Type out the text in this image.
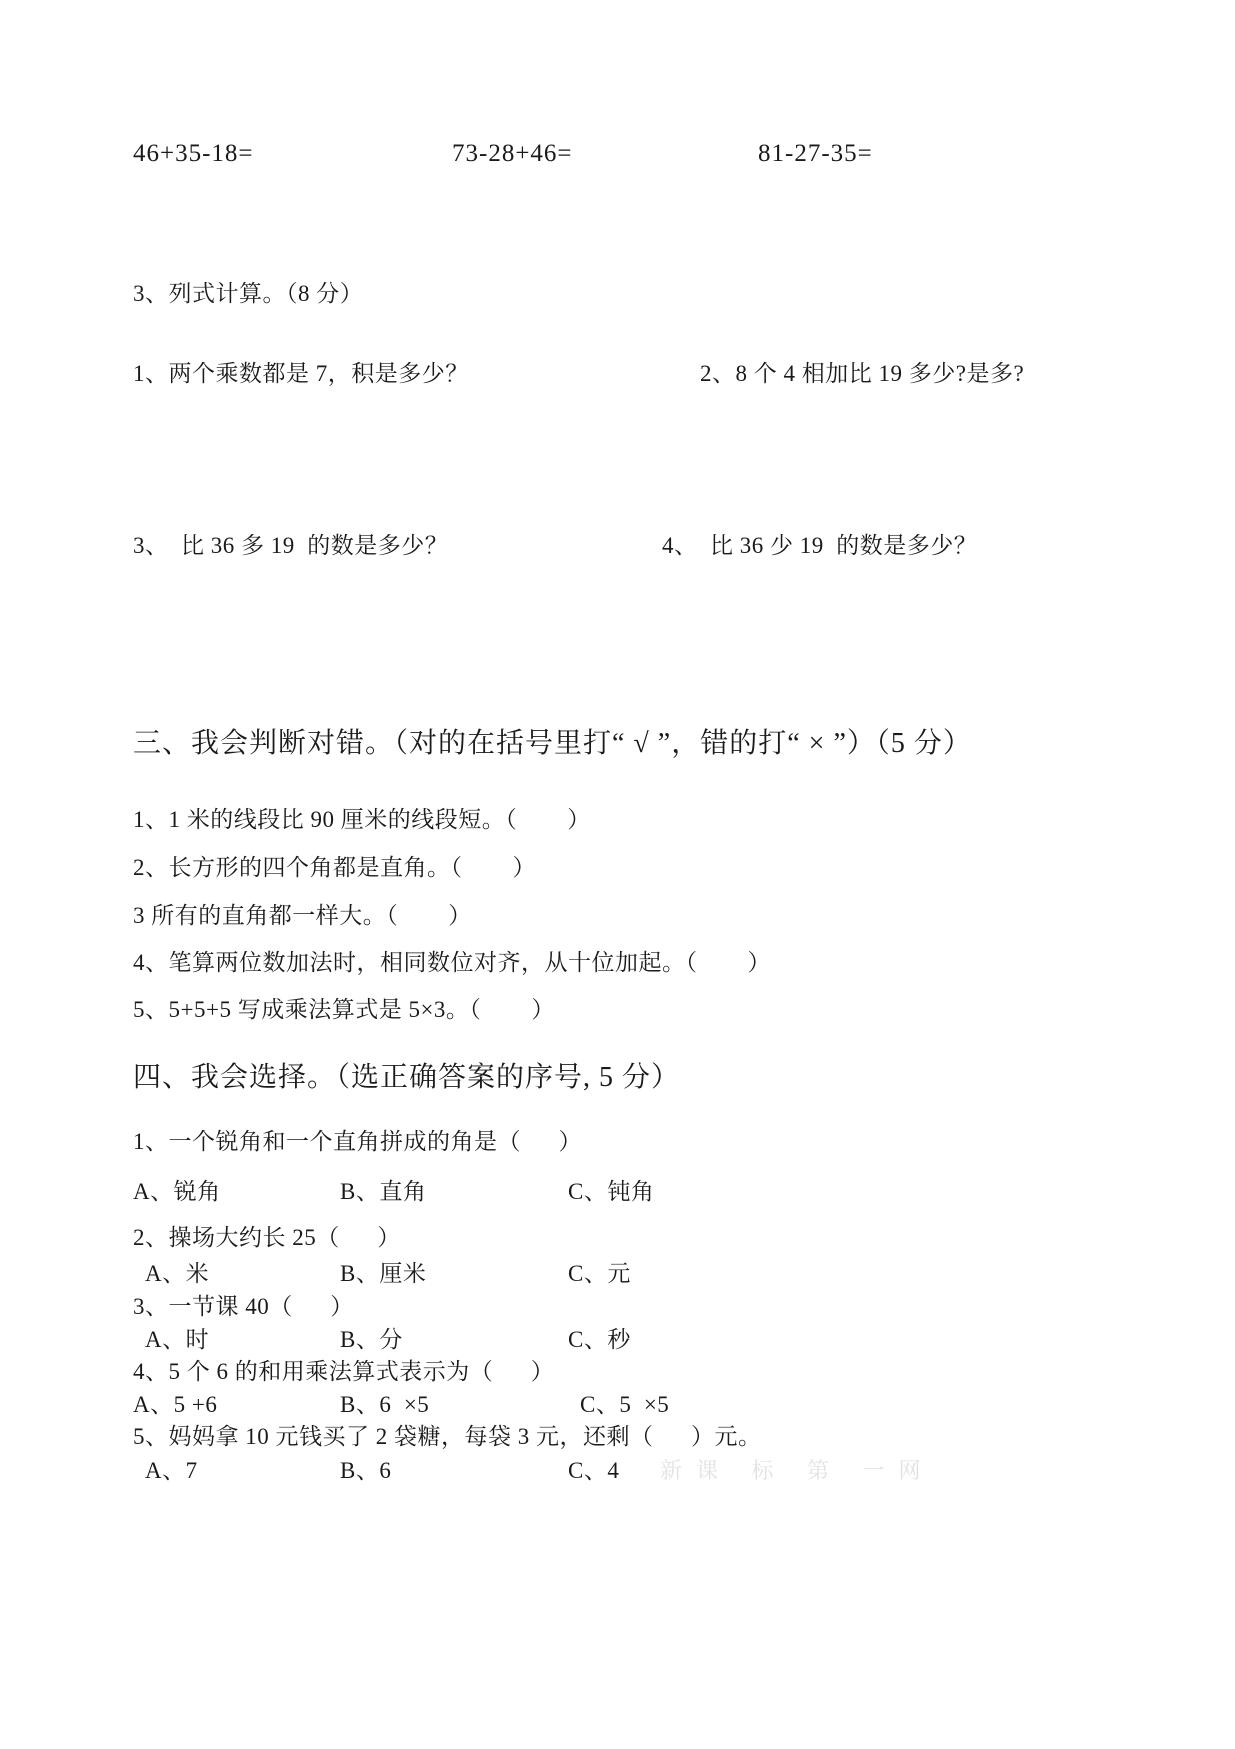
46+35-18=	73-28+46=	81-27-35=
3、列式计算。（8 分）
1、两个乘数都是 7，积是多少？	2、8 个 4 相加比 19 多少?是多?
3、  比 36 多 19  的数是多少？	4、  比 36 少 19  的数是多少？
三、我会判断对错。（对的在括号里打“ √ ”，错的打“ × ”）（5 分）
1、1 米的线段比 90 厘米的线段短。（        ）
2、长方形的四个角都是直角。（        ）
3 所有的直角都一样大。（        ）
4、笔算两位数加法时，相同数位对齐，从十位加起。（        ）
5、5+5+5 写成乘法算式是 5×3。（        ）
四、我会选择。（选正确答案的序号, 5 分）
1、一个锐角和一个直角拼成的角是（      ）
A、锐角	B、直角	C、钝角
2、操场大约长 25（      ）
A、米	B、厘米	C、元
3、一节课 40（      ）
A、时	B、分	C、秒
4、5 个 6 的和用乘法算式表示为（      ）
A、5 +6	B、6  ×5	C、5  ×5
5、妈妈拿 10 元钱买了 2 袋糖，每袋 3 元，还剩（      ）元。
A、7	B、6	C、4 新课 标 第 一网
